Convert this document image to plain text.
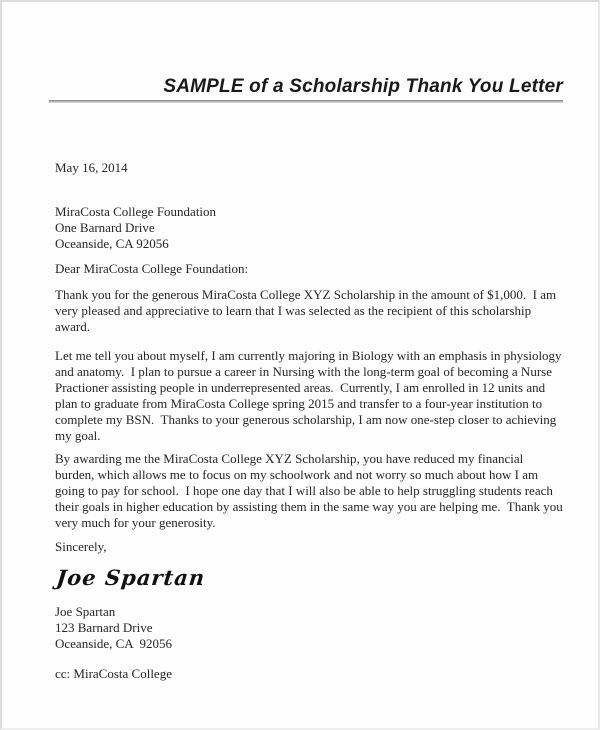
SAMPLE of a Scholarship Thank You Letter
May 16, 2014
MiraCosta College Foundation
One Barnard Drive
Oceanside, CA 92056
Dear MiraCosta College Foundation:
Thank you for the generous MiraCosta College XYZ Scholarship in the amount of $1,000.  I am very pleased and appreciative to learn that I was selected as the recipient of this scholarship award.
Let me tell you about myself, I am currently majoring in Biology with an emphasis in physiology and anatomy.  I plan to pursue a career in Nursing with the long-term goal of becoming a Nurse Practioner assisting people in underrepresented areas.  Currently, I am enrolled in 12 units and plan to graduate from MiraCosta College spring 2015 and transfer to a four-year institution to complete my BSN.  Thanks to your generous scholarship, I am now one-step closer to achieving my goal.
By awarding me the MiraCosta College XYZ Scholarship, you have reduced my financial burden, which allows me to focus on my schoolwork and not worry so much about how I am going to pay for school.  I hope one day that I will also be able to help struggling students reach their goals in higher education by assisting them in the same way you are helping me.  Thank you very much for your generosity.
Sincerely,
Joe Spartan
Joe Spartan
123 Barnard Drive
Oceanside, CA  92056
cc: MiraCosta College
